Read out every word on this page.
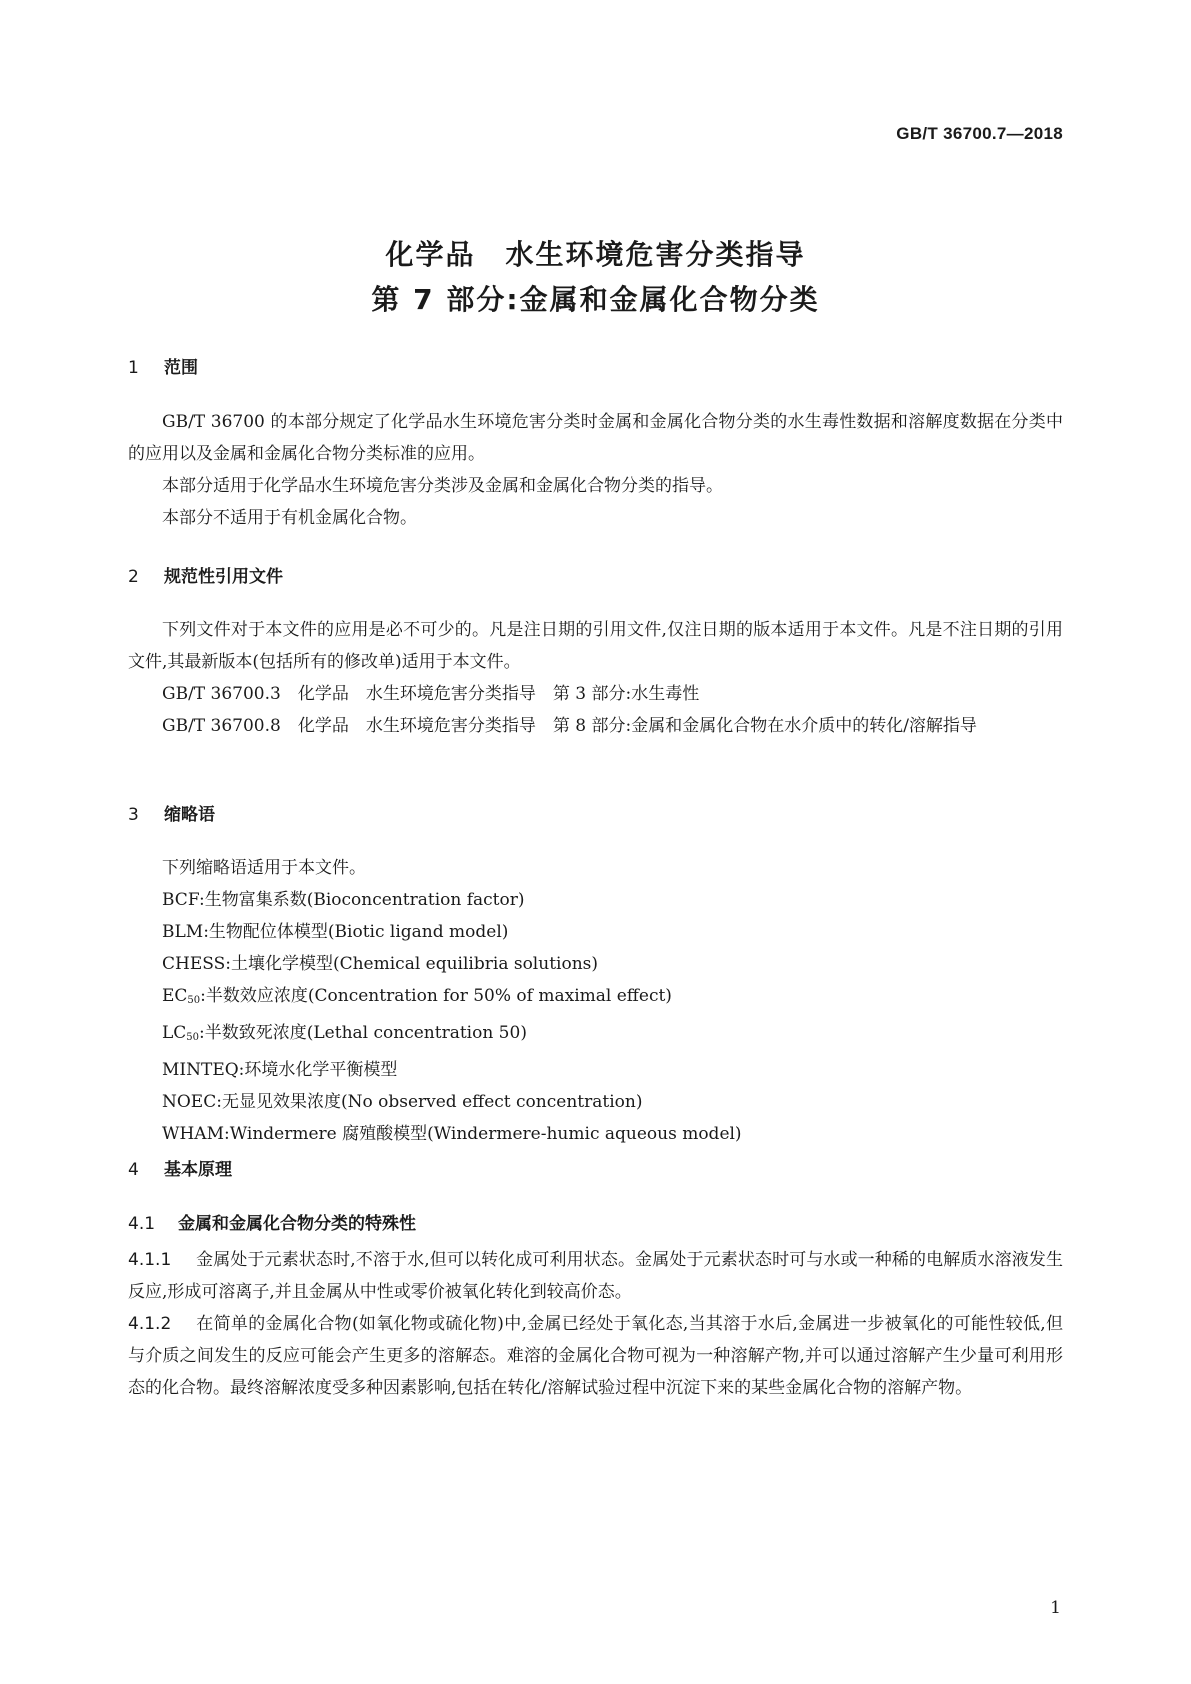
GB/T 36700.7—2018
化学品 水生环境危害分类指导
第 7 部分:金属和金属化合物分类
1 范围

GB/T 36700 的本部分规定了化学品水生环境危害分类时金属和金属化合物分类的水生毒性数据和溶解度数据在分类中的应用以及金属和金属化合物分类标准的应用。

本部分适用于化学品水生环境危害分类涉及金属和金属化合物分类的指导。

本部分不适用于有机金属化合物。

2 规范性引用文件

下列文件对于本文件的应用是必不可少的。凡是注日期的引用文件,仅注日期的版本适用于本文件。凡是不注日期的引用文件,其最新版本(包括所有的修改单)适用于本文件。

GB/T 36700.3　化学品　水生环境危害分类指导　第 3 部分:水生毒性

GB/T 36700.8　化学品　水生环境危害分类指导　第 8 部分:金属和金属化合物在水介质中的转化/溶解指导

3 缩略语

下列缩略语适用于本文件。

BCF:生物富集系数(Bioconcentration factor)

BLM:生物配位体模型(Biotic ligand model)

CHESS:土壤化学模型(Chemical equilibria solutions)

$EC_{50}$:半数效应浓度(Concentration for 50% of maximal effect)

$LC_{50}$:半数致死浓度(Lethal concentration 50)

MINTEQ:环境水化学平衡模型

NOEC:无显见效果浓度(No observed effect concentration)

WHAM:Windermere 腐殖酸模型(Windermere-humic aqueous model)

4 基本原理
4.1 金属和金属化合物分类的特殊性

4.1.1 金属处于元素状态时,不溶于水,但可以转化成可利用状态。金属处于元素状态时可与水或一种稀的电解质水溶液发生反应,形成可溶离子,并且金属从中性或零价被氧化转化到较高价态。

4.1.2 在简单的金属化合物(如氧化物或硫化物)中,金属已经处于氧化态,当其溶于水后,金属进一步被氧化的可能性较低,但与介质之间发生的反应可能会产生更多的溶解态。难溶的金属化合物可视为一种溶解产物,并可以通过溶解产生少量可利用形态的化合物。最终溶解浓度受多种因素影响,包括在转化/溶解试验过程中沉淀下来的某些金属化合物的溶解产物。

1
